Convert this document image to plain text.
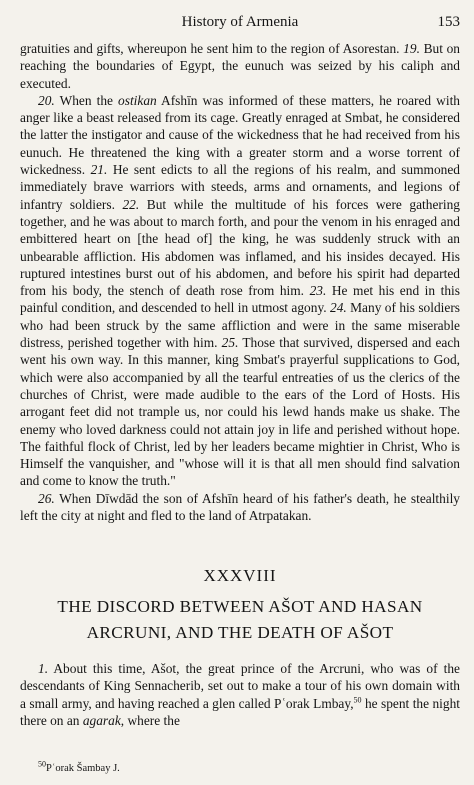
History of Armenia	153

gratuities and gifts, whereupon he sent him to the region of Asorestan. 19. But on reaching the boundaries of Egypt, the eunuch was seized by his caliph and executed.

20. When the ostikan Afshīn was informed of these matters, he roared with anger like a beast released from its cage. Greatly enraged at Smbat, he considered the latter the instigator and cause of the wickedness that he had received from his eunuch. He threatened the king with a greater storm and a worse torrent of wickedness. 21. He sent edicts to all the regions of his realm, and summoned immediately brave warriors with steeds, arms and ornaments, and legions of infantry soldiers. 22. But while the multitude of his forces were gathering together, and he was about to march forth, and pour the venom in his enraged and embittered heart on [the head of] the king, he was suddenly struck with an unbearable affliction. His abdomen was inflamed, and his insides decayed. His ruptured intestines burst out of his abdomen, and before his spirit had departed from his body, the stench of death rose from him. 23. He met his end in this painful condition, and descended to hell in utmost agony. 24. Many of his soldiers who had been struck by the same affliction and were in the same miserable distress, perished together with him. 25. Those that survived, dispersed and each went his own way. In this manner, king Smbat's prayerful supplications to God, which were also accompanied by all the tearful entreaties of us the clerics of the churches of Christ, were made audible to the ears of the Lord of Hosts. His arrogant feet did not trample us, nor could his lewd hands make us shake. The enemy who loved darkness could not attain joy in life and perished without hope. The faithful flock of Christ, led by her leaders became mightier in Christ, Who is Himself the vanquisher, and "whose will it is that all men should find salvation and come to know the truth."

26. When Dīwdād the son of Afshīn heard of his father's death, he stealthily left the city at night and fled to the land of Atrpatakan.

XXXVIII
THE DISCORD BETWEEN AŠOT AND HASAN
ARCRUNI, AND THE DEATH OF AŠOT

1. About this time, Ašot, the great prince of the Arcruni, who was of the descendants of King Sennacherib, set out to make a tour of his own domain with a small army, and having reached a glen called Pʿorak Lmbay,$^{50}$ he spent the night there on an agarak, where the

$^{50}$Pʿorak Šambay J.
